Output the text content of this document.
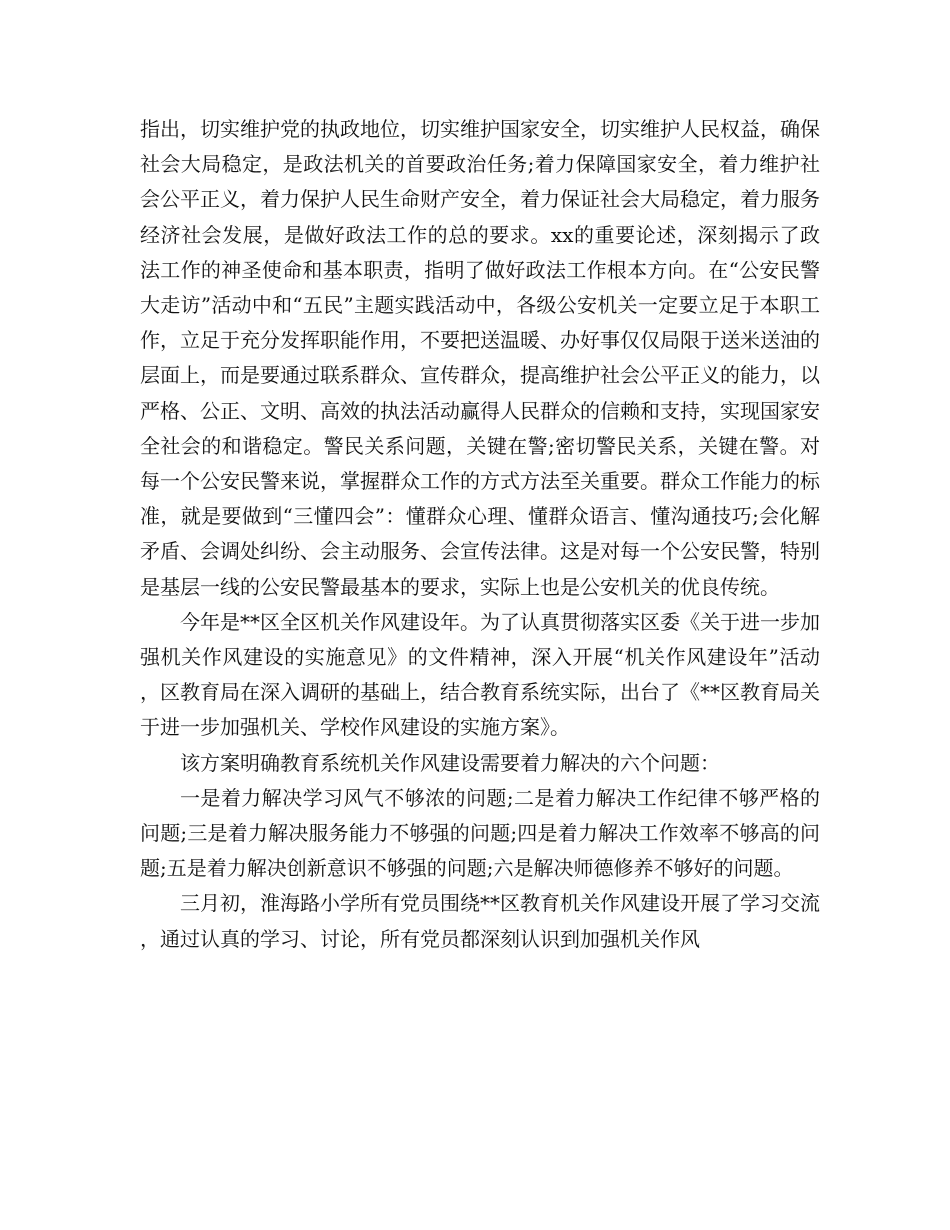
指出，切实维护党的执政地位，切实维护国家安全，切实维护人民权益，确保社会大局稳定，是政法机关的首要政治任务;着力保障国家安全，着力维护社会公平正义，着力保护人民生命财产安全，着力保证社会大局稳定，着力服务经济社会发展，是做好政法工作的总的要求。xx的重要论述，深刻揭示了政法工作的神圣使命和基本职责，指明了做好政法工作根本方向。在“公安民警大走访”活动中和“五民”主题实践活动中，各级公安机关一定要立足于本职工作，立足于充分发挥职能作用，不要把送温暖、办好事仅仅局限于送米送油的层面上，而是要通过联系群众、宣传群众，提高维护社会公平正义的能力，以严格、公正、文明、高效的执法活动赢得人民群众的信赖和支持，实现国家安全社会的和谐稳定。警民关系问题，关键在警;密切警民关系，关键在警。对每一个公安民警来说，掌握群众工作的方式方法至关重要。群众工作能力的标准，就是要做到“三懂四会”：懂群众心理、懂群众语言、懂沟通技巧;会化解矛盾、会调处纠纷、会主动服务、会宣传法律。这是对每一个公安民警，特别是基层一线的公安民警最基本的要求，实际上也是公安机关的优良传统。

今年是**区全区机关作风建设年。为了认真贯彻落实区委《关于进一步加强机关作风建设的实施意见》的文件精神，深入开展“机关作风建设年”活动，区教育局在深入调研的基础上，结合教育系统实际，出台了《**区教育局关于进一步加强机关、学校作风建设的实施方案》。

该方案明确教育系统机关作风建设需要着力解决的六个问题：

一是着力解决学习风气不够浓的问题;二是着力解决工作纪律不够严格的问题;三是着力解决服务能力不够强的问题;四是着力解决工作效率不够高的问题;五是着力解决创新意识不够强的问题;六是解决师德修养不够好的问题。

三月初，淮海路小学所有党员围绕**区教育机关作风建设开展了学习交流，通过认真的学习、讨论，所有党员都深刻认识到加强机关作风
